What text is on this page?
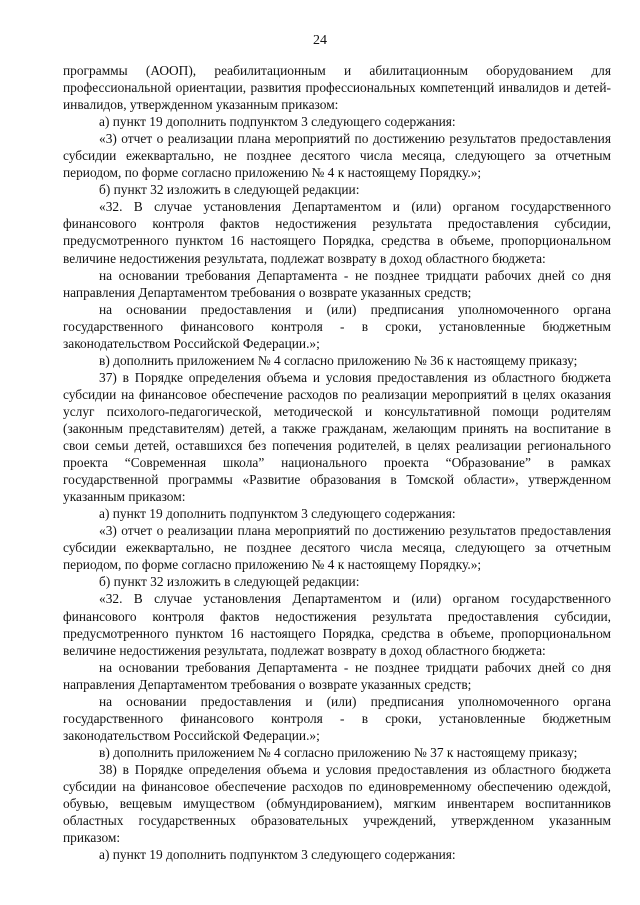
24

программы (АООП), реабилитационным и абилитационным оборудованием для профессиональной ориентации, развития профессиональных компетенций инвалидов и детей-инвалидов, утвержденном указанным приказом:

а) пункт 19 дополнить подпунктом 3 следующего содержания:

«3) отчет о реализации плана мероприятий по достижению результатов предоставления субсидии ежеквартально, не позднее десятого числа месяца, следующего за отчетным периодом, по форме согласно приложению № 4 к настоящему Порядку.»;

б) пункт 32 изложить в следующей редакции:

«32. В случае установления Департаментом и (или) органом государственного финансового контроля фактов недостижения результата предоставления субсидии, предусмотренного пунктом 16 настоящего Порядка, средства в объеме, пропорциональном величине недостижения результата, подлежат возврату в доход областного бюджета:

на основании требования Департамента - не позднее тридцати рабочих дней со дня направления Департаментом требования о возврате указанных средств;

на основании предоставления и (или) предписания уполномоченного органа государственного финансового контроля - в сроки, установленные бюджетным законодательством Российской Федерации.»;

в) дополнить приложением № 4 согласно приложению № 36 к настоящему приказу;

37) в Порядке определения объема и условия предоставления из областного бюджета субсидии на финансовое обеспечение расходов по реализации мероприятий в целях оказания услуг психолого-педагогической, методической и консультативной помощи родителям (законным представителям) детей, а также гражданам, желающим принять на воспитание в свои семьи детей, оставшихся без попечения родителей, в целях реализации регионального проекта “Современная школа” национального проекта “Образование” в рамках государственной программы «Развитие образования в Томской области», утвержденном указанным приказом:

а) пункт 19 дополнить подпунктом 3 следующего содержания:

«3) отчет о реализации плана мероприятий по достижению результатов предоставления субсидии ежеквартально, не позднее десятого числа месяца, следующего за отчетным периодом, по форме согласно приложению № 4 к настоящему Порядку.»;

б) пункт 32 изложить в следующей редакции:

«32. В случае установления Департаментом и (или) органом государственного финансового контроля фактов недостижения результата предоставления субсидии, предусмотренного пунктом 16 настоящего Порядка, средства в объеме, пропорциональном величине недостижения результата, подлежат возврату в доход областного бюджета:

на основании требования Департамента - не позднее тридцати рабочих дней со дня направления Департаментом требования о возврате указанных средств;

на основании предоставления и (или) предписания уполномоченного органа государственного финансового контроля - в сроки, установленные бюджетным законодательством Российской Федерации.»;

в) дополнить приложением № 4 согласно приложению № 37 к настоящему приказу;

38) в Порядке определения объема и условия предоставления из областного бюджета субсидии на финансовое обеспечение расходов по единовременному обеспечению одеждой, обувью, вещевым имуществом (обмундированием), мягким инвентарем воспитанников областных государственных образовательных учреждений, утвержденном указанным приказом:

а) пункт 19 дополнить подпунктом 3 следующего содержания:
